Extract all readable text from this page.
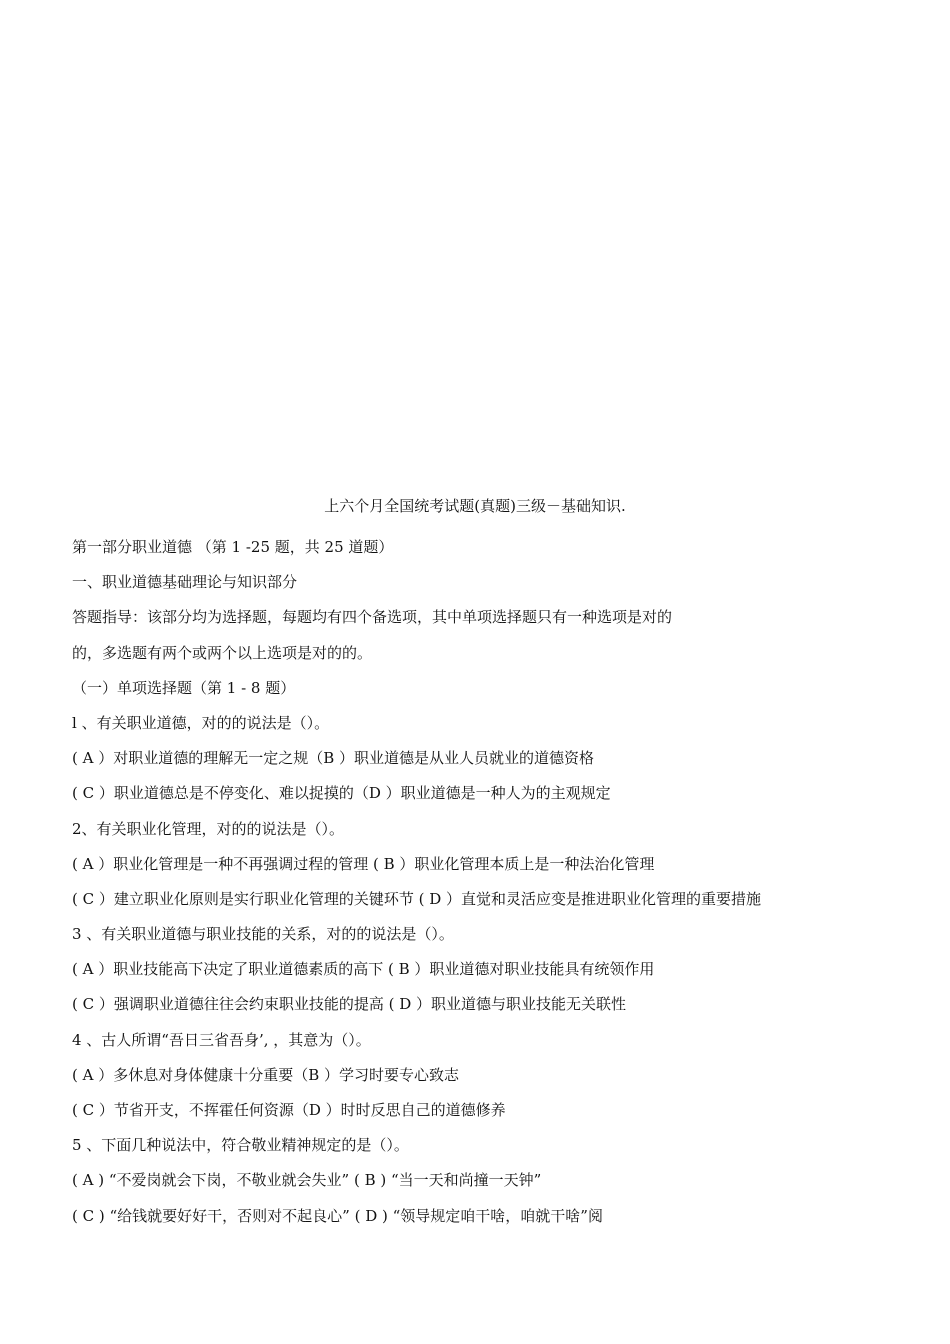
上六个月全国统考试题(真题)三级－基础知识.
第一部分职业道德 （第 1 -25 题，共 25 道题）
一、职业道德基础理论与知识部分
答题指导：该部分均为选择题，每题均有四个备选项，其中单项选择题只有一种选项是对的
的，多选题有两个或两个以上选项是对的的。
（一）单项选择题（第 1 - 8 题）
l 、有关职业道德，对的的说法是（）。
( A ）对职业道德的理解无一定之规（B ）职业道德是从业人员就业的道德资格
( C ）职业道德总是不停变化、难以捉摸的（D ）职业道德是一种人为的主观规定
2、有关职业化管理，对的的说法是（）。
( A ）职业化管理是一种不再强调过程的管理 ( B ）职业化管理本质上是一种法治化管理
( C ）建立职业化原则是实行职业化管理的关键环节 ( D ）直觉和灵活应变是推进职业化管理的重要措施
3 、有关职业道德与职业技能的关系，对的的说法是（）。
( A ）职业技能高下决定了职业道德素质的高下 ( B ）职业道德对职业技能具有统领作用
( C ）强调职业道德往往会约束职业技能的提高 ( D ）职业道德与职业技能无关联性
4 、古人所谓“吾日三省吾身’, ，其意为（）。
( A ）多休息对身体健康十分重要（B ）学习时要专心致志
( C ）节省开支，不挥霍任何资源（D ）时时反思自己的道德修养
5 、下面几种说法中，符合敬业精神规定的是（）。
( A ) “不爱岗就会下岗，不敬业就会失业” ( B ) “当一天和尚撞一天钟”
( C ) “给钱就要好好干，否则对不起良心” ( D ) “领导规定咱干啥，咱就干啥”阅
